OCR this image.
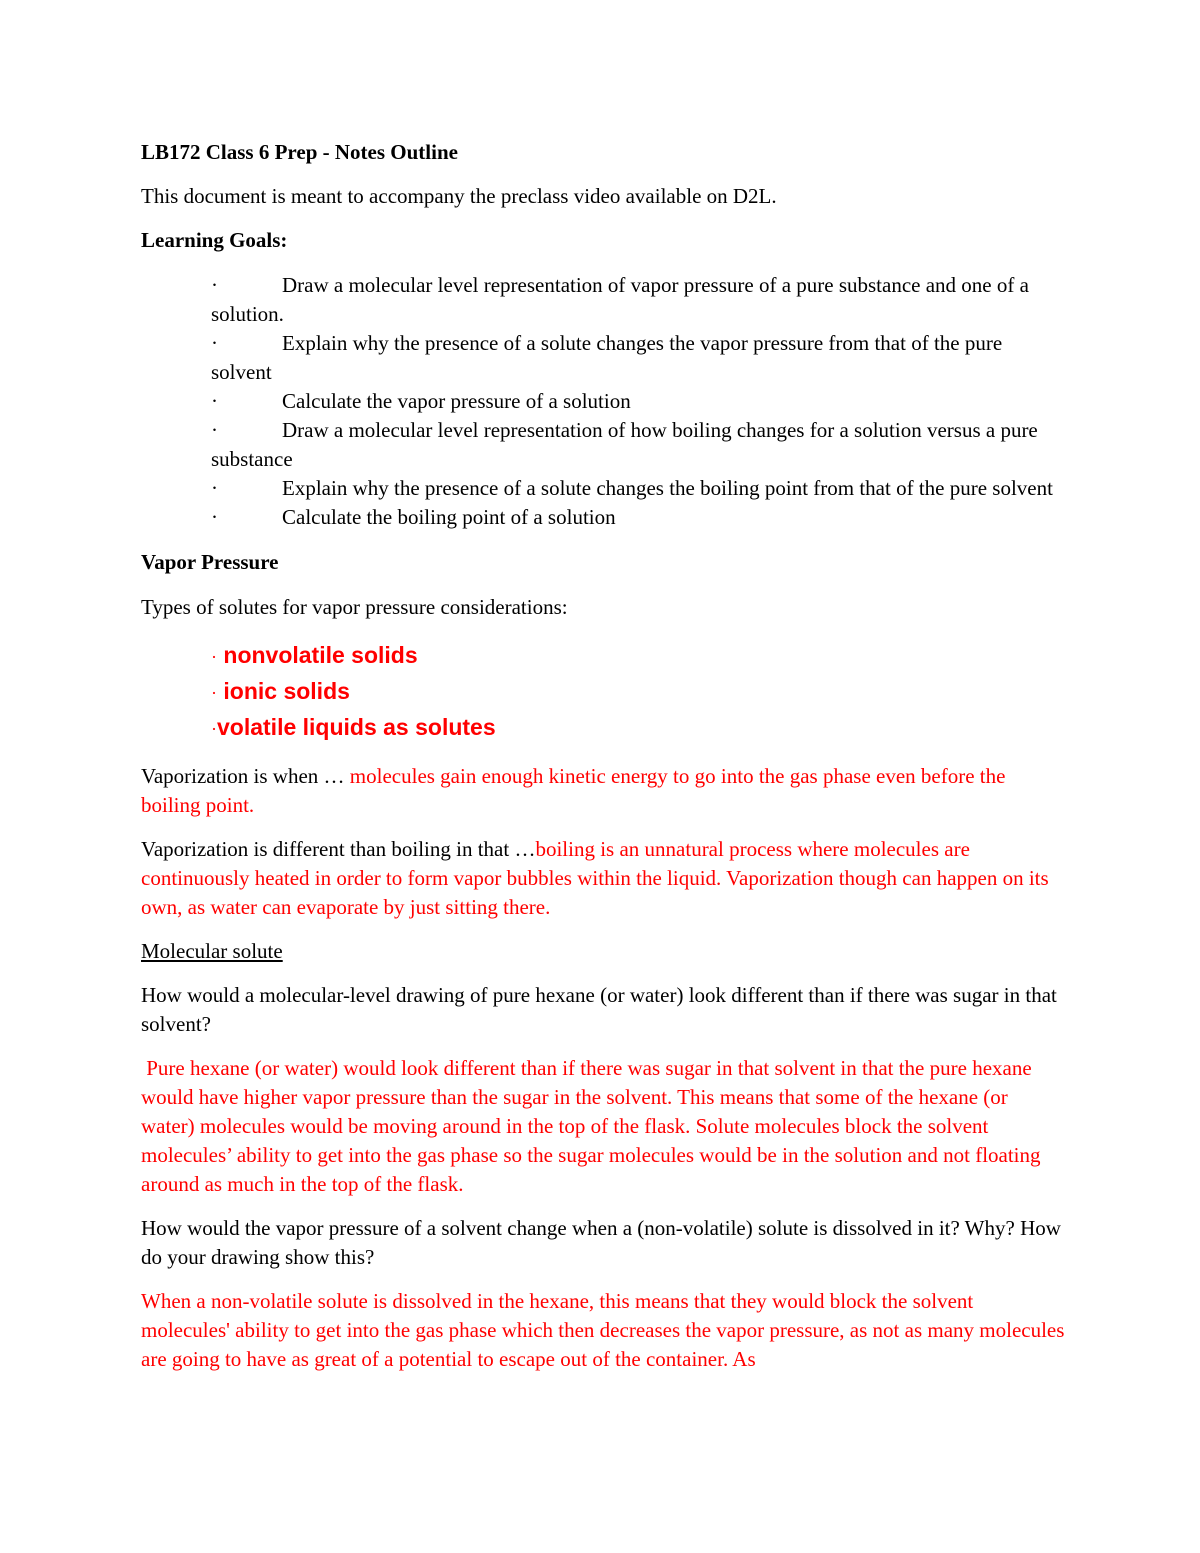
LB172 Class 6 Prep - Notes Outline

This document is meant to accompany the preclass video available on D2L.

Learning Goals:

·	Draw a molecular level representation of vapor pressure of a pure substance and one of a solution.

·	Explain why the presence of a solute changes the vapor pressure from that of the pure solvent

·	Calculate the vapor pressure of a solution

·	Draw a molecular level representation of how boiling changes for a solution versus a pure substance

·	Explain why the presence of a solute changes the boiling point from that of the pure solvent

·	Calculate the boiling point of a solution

Vapor Pressure

Types of solutes for vapor pressure considerations:

· nonvolatile solids

· ionic solids

·volatile liquids as solutes

Vaporization is when … molecules gain enough kinetic energy to go into the gas phase even before the boiling point.

Vaporization is different than boiling in that …boiling is an unnatural process where molecules are continuously heated in order to form vapor bubbles within the liquid. Vaporization though can happen on its own, as water can evaporate by just sitting there.

Molecular solute

How would a molecular-level drawing of pure hexane (or water) look different than if there was sugar in that solvent?

Pure hexane (or water) would look different than if there was sugar in that solvent in that the pure hexane would have higher vapor pressure than the sugar in the solvent. This means that some of the hexane (or water) molecules would be moving around in the top of the flask. Solute molecules block the solvent molecules’ ability to get into the gas phase so the sugar molecules would be in the solution and not floating around as much in the top of the flask.

How would the vapor pressure of a solvent change when a (non-volatile) solute is dissolved in it? Why? How do your drawing show this?

When a non-volatile solute is dissolved in the hexane, this means that they would block the solvent molecules' ability to get into the gas phase which then decreases the vapor pressure, as not as many molecules are going to have as great of a potential to escape out of the container. As
